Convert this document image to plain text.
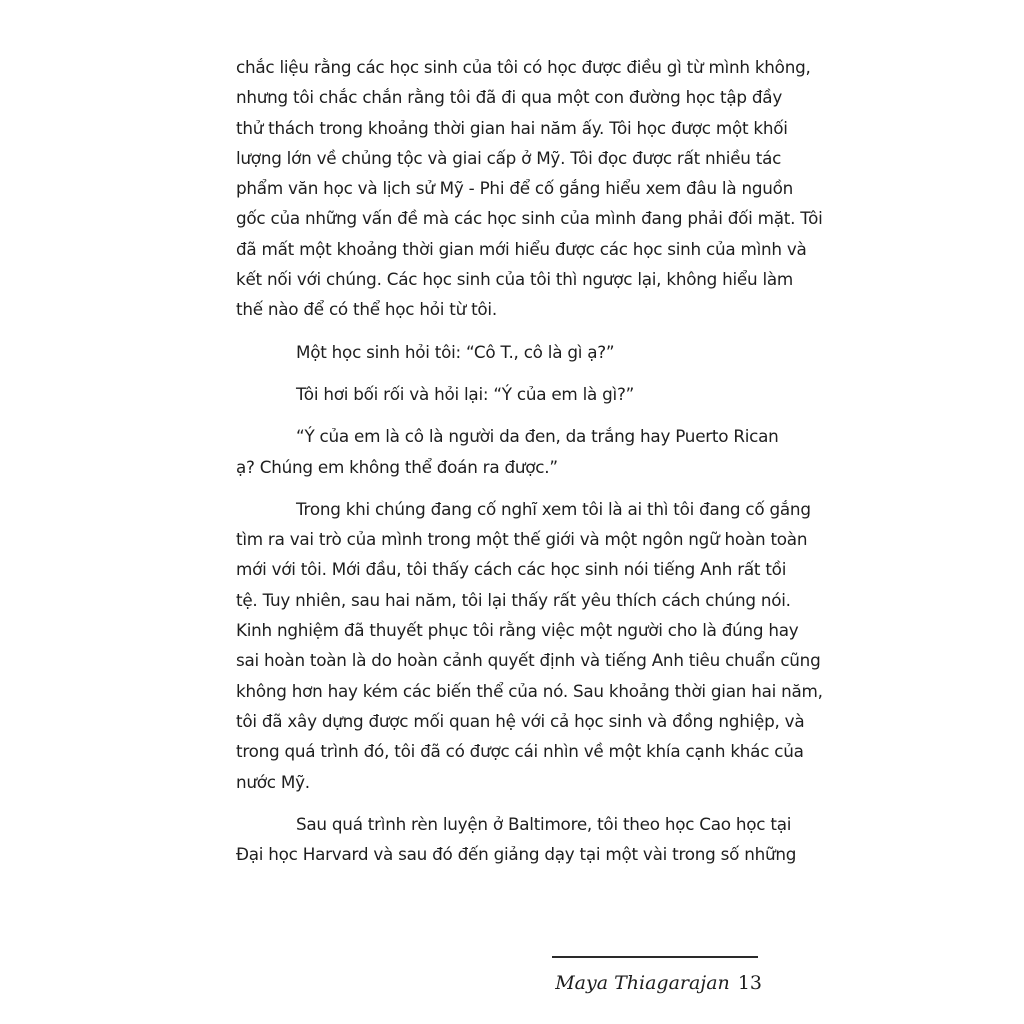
chắc liệu rằng các học sinh của tôi có học được điều gì từ mình không,
nhưng tôi chắc chắn rằng tôi đã đi qua một con đường học tập đầy
thử thách trong khoảng thời gian hai năm ấy. Tôi học được một khối
lượng lớn về chủng tộc và giai cấp ở Mỹ. Tôi đọc được rất nhiều tác
phẩm văn học và lịch sử Mỹ - Phi để cố gắng hiểu xem đâu là nguồn
gốc của những vấn đề mà các học sinh của mình đang phải đối mặt. Tôi
đã mất một khoảng thời gian mới hiểu được các học sinh của mình và
kết nối với chúng. Các học sinh của tôi thì ngược lại, không hiểu làm
thế nào để có thể học hỏi từ tôi.
Một học sinh hỏi tôi: “Cô T., cô là gì ạ?”
Tôi hơi bối rối và hỏi lại: “Ý của em là gì?”
“Ý của em là cô là người da đen, da trắng hay Puerto Rican
ạ? Chúng em không thể đoán ra được.”
Trong khi chúng đang cố nghĩ xem tôi là ai thì tôi đang cố gắng
tìm ra vai trò của mình trong một thế giới và một ngôn ngữ hoàn toàn
mới với tôi. Mới đầu, tôi thấy cách các học sinh nói tiếng Anh rất tồi
tệ. Tuy nhiên, sau hai năm, tôi lại thấy rất yêu thích cách chúng nói.
Kinh nghiệm đã thuyết phục tôi rằng việc một người cho là đúng hay
sai hoàn toàn là do hoàn cảnh quyết định và tiếng Anh tiêu chuẩn cũng
không hơn hay kém các biến thể của nó. Sau khoảng thời gian hai năm,
tôi đã xây dựng được mối quan hệ với cả học sinh và đồng nghiệp, và
trong quá trình đó, tôi đã có được cái nhìn về một khía cạnh khác của
nước Mỹ.
Sau quá trình rèn luyện ở Baltimore, tôi theo học Cao học tại
Đại học Harvard và sau đó đến giảng dạy tại một vài trong số những
Maya Thiagarajan 13
